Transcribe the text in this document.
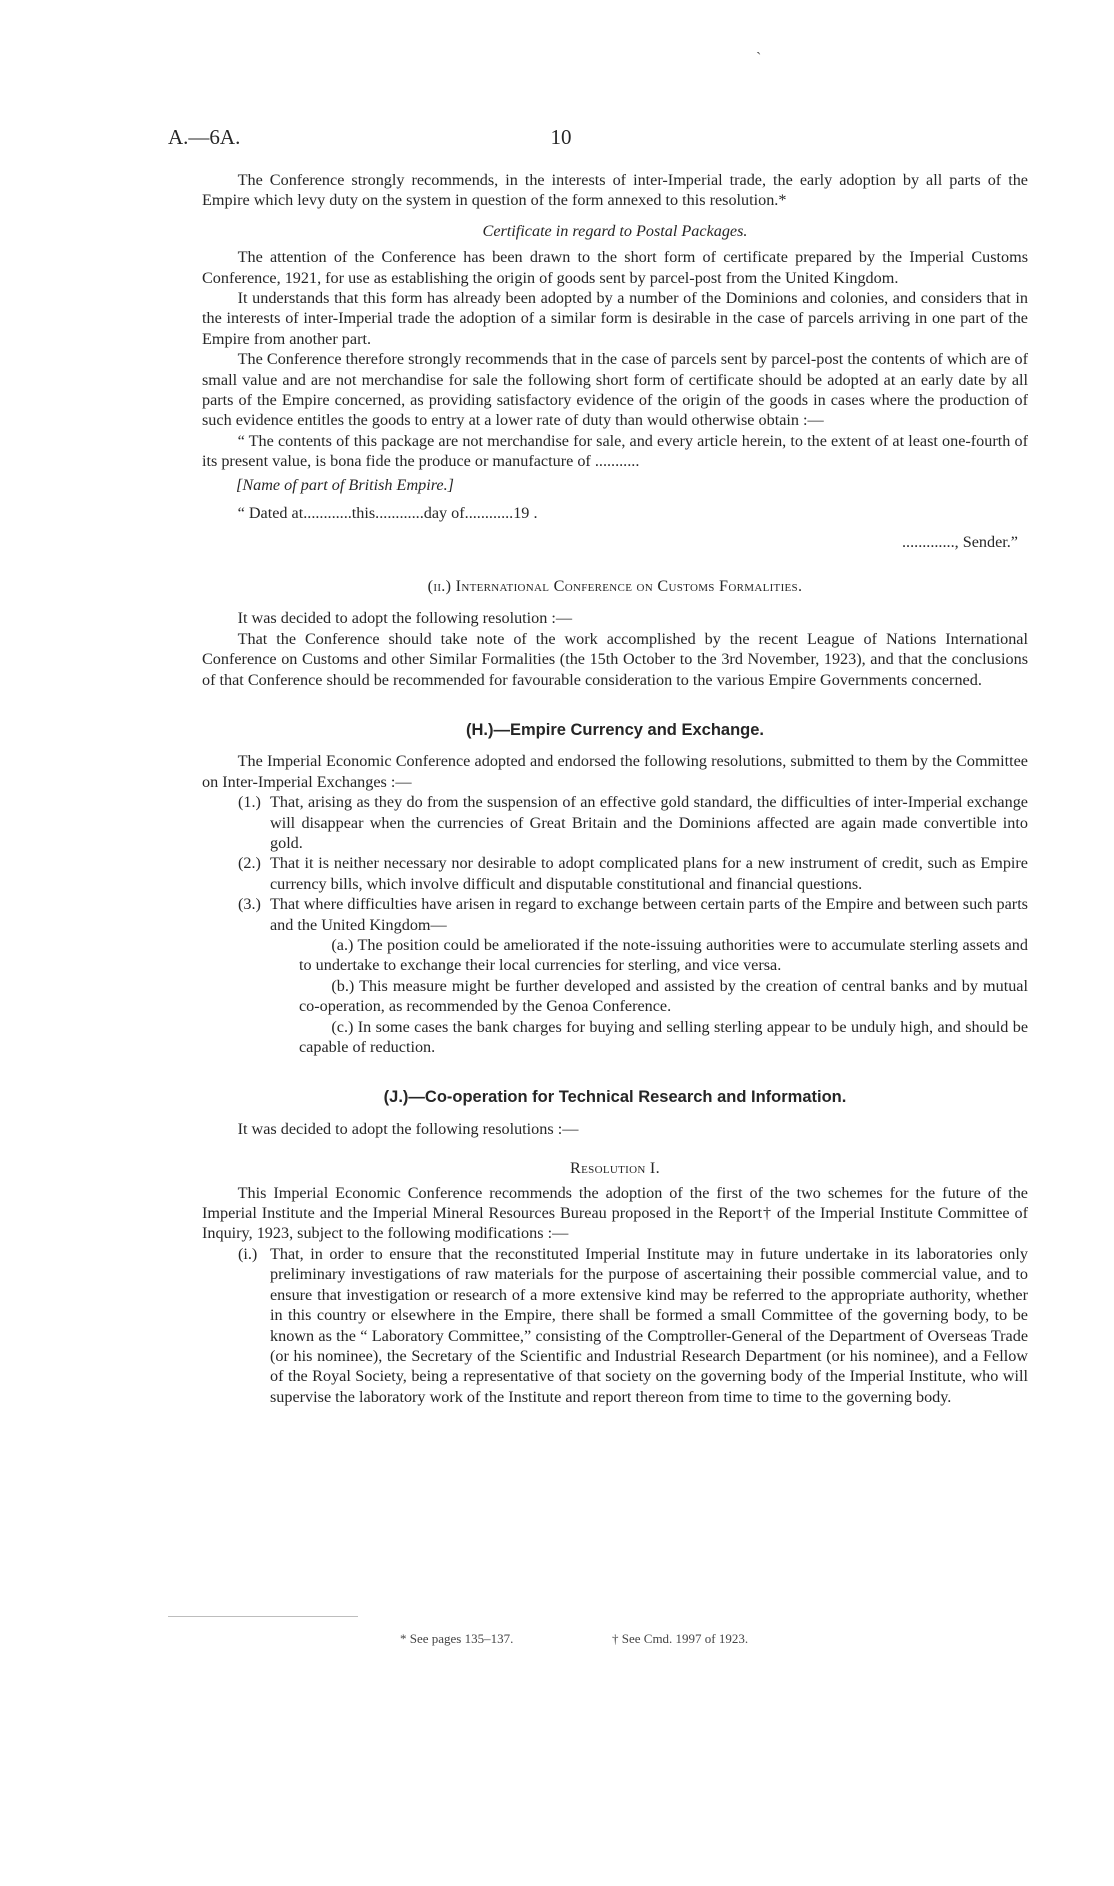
`
A.—6A.	10

The Conference strongly recommends, in the interests of inter-Imperial trade, the early adoption by all parts of the Empire which levy duty on the system in question of the form annexed to this resolution.*

Certificate in regard to Postal Packages.

The attention of the Conference has been drawn to the short form of certificate prepared by the Imperial Customs Conference, 1921, for use as establishing the origin of goods sent by parcel-post from the United Kingdom.

It understands that this form has already been adopted by a number of the Dominions and colonies, and considers that in the interests of inter-Imperial trade the adoption of a similar form is desirable in the case of parcels arriving in one part of the Empire from another part.

The Conference therefore strongly recommends that in the case of parcels sent by parcel-post the contents of which are of small value and are not merchandise for sale the following short form of certificate should be adopted at an early date by all parts of the Empire concerned, as providing satisfactory evidence of the origin of the goods in cases where the production of such evidence entitles the goods to entry at a lower rate of duty than would otherwise obtain :—

“ The contents of this package are not merchandise for sale, and every article herein, to the extent of at least one-fourth of its present value, is bona fide the produce or manufacture of ...........

[Name of part of British Empire.]
“ Dated at............this............day of............19 .
............., Sender.”
(ii.) International Conference on Customs Formalities.

It was decided to adopt the following resolution :—

That the Conference should take note of the work accomplished by the recent League of Nations International Conference on Customs and other Similar Formalities (the 15th October to the 3rd November, 1923), and that the conclusions of that Conference should be recommended for favourable consideration to the various Empire Governments concerned.

(H.)—Empire Currency and Exchange.

The Imperial Economic Conference adopted and endorsed the following resolutions, submitted to them by the Committee on Inter-Imperial Exchanges :—

(1.) That, arising as they do from the suspension of an effective gold standard, the difficulties of inter-Imperial exchange will disappear when the currencies of Great Britain and the Dominions affected are again made convertible into gold.

(2.) That it is neither necessary nor desirable to adopt complicated plans for a new instrument of credit, such as Empire currency bills, which involve difficult and disputable constitutional and financial questions.

(3.) That where difficulties have arisen in regard to exchange between certain parts of the Empire and between such parts and the United Kingdom—

(a.) The position could be ameliorated if the note-issuing authorities were to accumulate sterling assets and to undertake to exchange their local currencies for sterling, and vice versa.

(b.) This measure might be further developed and assisted by the creation of central banks and by mutual co-operation, as recommended by the Genoa Conference.

(c.) In some cases the bank charges for buying and selling sterling appear to be unduly high, and should be capable of reduction.

(J.)—Co-operation for Technical Research and Information.

It was decided to adopt the following resolutions :—

Resolution I.

This Imperial Economic Conference recommends the adoption of the first of the two schemes for the future of the Imperial Institute and the Imperial Mineral Resources Bureau proposed in the Report† of the Imperial Institute Committee of Inquiry, 1923, subject to the following modifications :—

(i.) That, in order to ensure that the reconstituted Imperial Institute may in future undertake in its laboratories only preliminary investigations of raw materials for the purpose of ascertaining their possible commercial value, and to ensure that investigation or research of a more extensive kind may be referred to the appropriate authority, whether in this country or elsewhere in the Empire, there shall be formed a small Committee of the governing body, to be known as the “ Laboratory Committee,” consisting of the Comptroller-General of the Department of Overseas Trade (or his nominee), the Secretary of the Scientific and Industrial Research Department (or his nominee), and a Fellow of the Royal Society, being a representative of that society on the governing body of the Imperial Institute, who will supervise the laboratory work of the Institute and report thereon from time to time to the governing body.

* See pages 135–137.	† See Cmd. 1997 of 1923.
